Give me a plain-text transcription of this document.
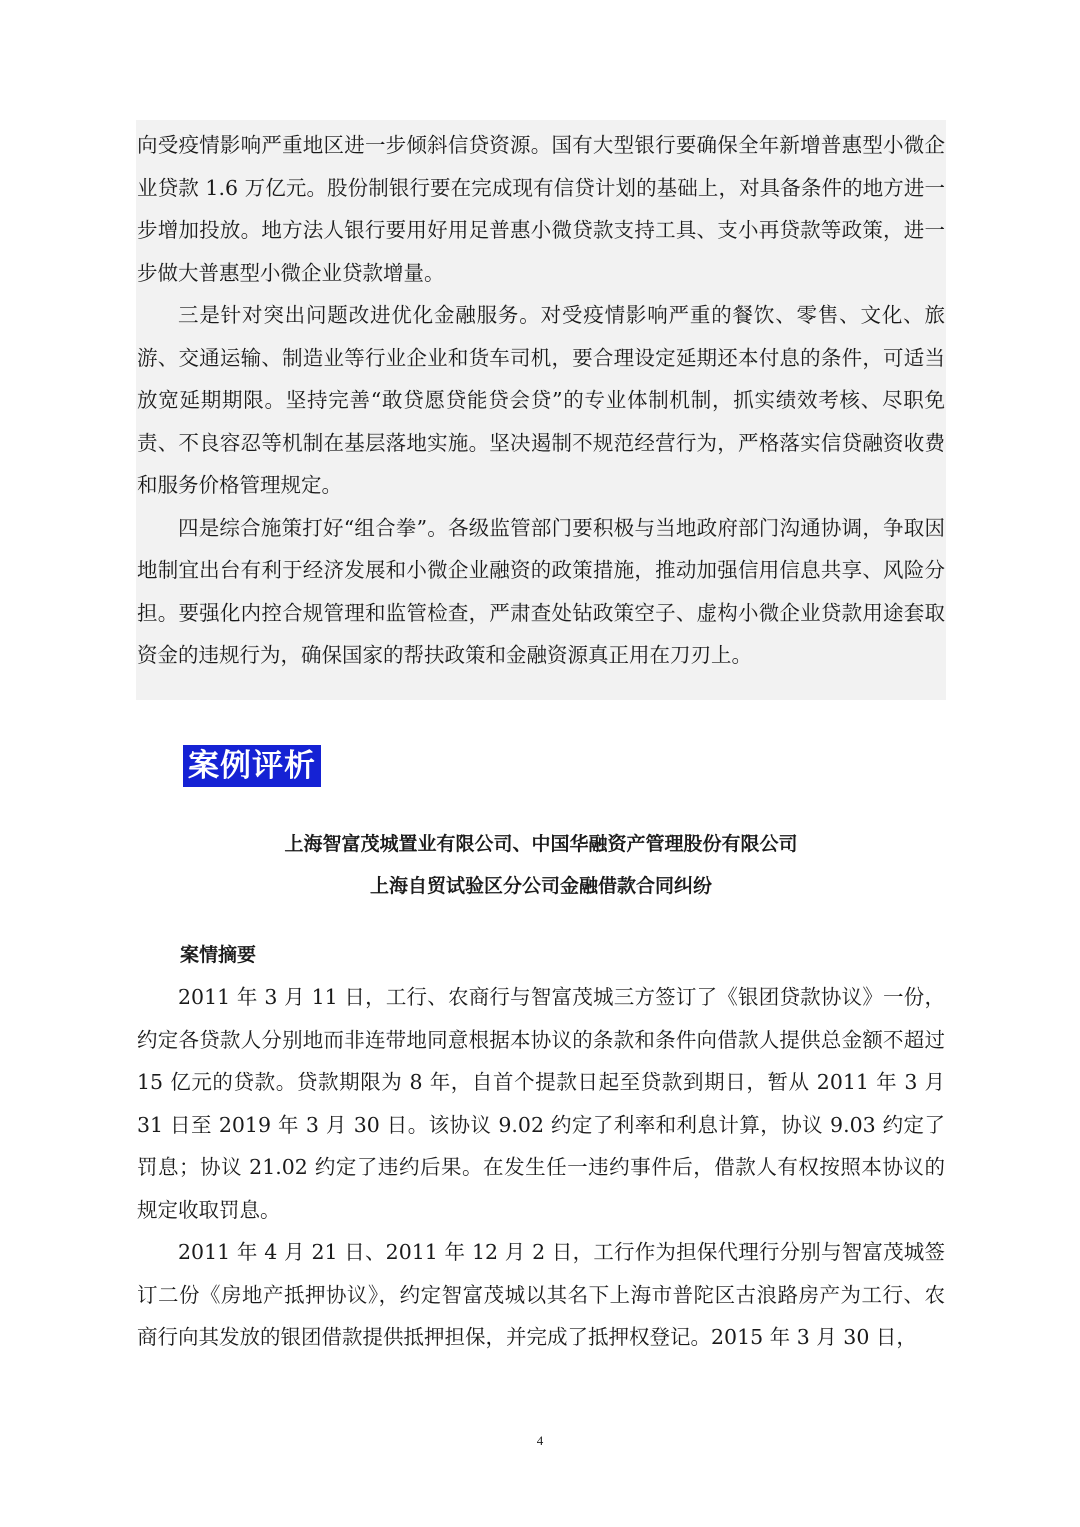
向受疫情影响严重地区进一步倾斜信贷资源。国有大型银行要确保全年新增普惠型小微企业贷款 1.6 万亿元。股份制银行要在完成现有信贷计划的基础上，对具备条件的地方进一步增加投放。地方法人银行要用好用足普惠小微贷款支持工具、支小再贷款等政策，进一步做大普惠型小微企业贷款增量。

三是针对突出问题改进优化金融服务。对受疫情影响严重的餐饮、零售、文化、旅游、交通运输、制造业等行业企业和货车司机，要合理设定延期还本付息的条件，可适当放宽延期期限。坚持完善“敢贷愿贷能贷会贷”的专业体制机制，抓实绩效考核、尽职免责、不良容忍等机制在基层落地实施。坚决遏制不规范经营行为，严格落实信贷融资收费和服务价格管理规定。

四是综合施策打好“组合拳”。各级监管部门要积极与当地政府部门沟通协调，争取因地制宜出台有利于经济发展和小微企业融资的政策措施，推动加强信用信息共享、风险分担。要强化内控合规管理和监管检查，严肃查处钻政策空子、虚构小微企业贷款用途套取资金的违规行为，确保国家的帮扶政策和金融资源真正用在刀刃上。

案例评析
上海智富茂城置业有限公司、中国华融资产管理股份有限公司
上海自贸试验区分公司金融借款合同纠纷
案情摘要

2011 年 3 月 11 日，工行、农商行与智富茂城三方签订了《银团贷款协议》一份，约定各贷款人分别地而非连带地同意根据本协议的条款和条件向借款人提供总金额不超过 15 亿元的贷款。贷款期限为 8 年，自首个提款日起至贷款到期日，暂从 2011 年 3 月 31 日至 2019 年 3 月 30 日。该协议 9.02 约定了利率和利息计算，协议 9.03 约定了罚息；协议 21.02 约定了违约后果。在发生任一违约事件后，借款人有权按照本协议的规定收取罚息。

2011 年 4 月 21 日、2011 年 12 月 2 日，工行作为担保代理行分别与智富茂城签订二份《房地产抵押协议》，约定智富茂城以其名下上海市普陀区古浪路房产为工行、农商行向其发放的银团借款提供抵押担保，并完成了抵押权登记。2015 年 3 月 30 日，

4
